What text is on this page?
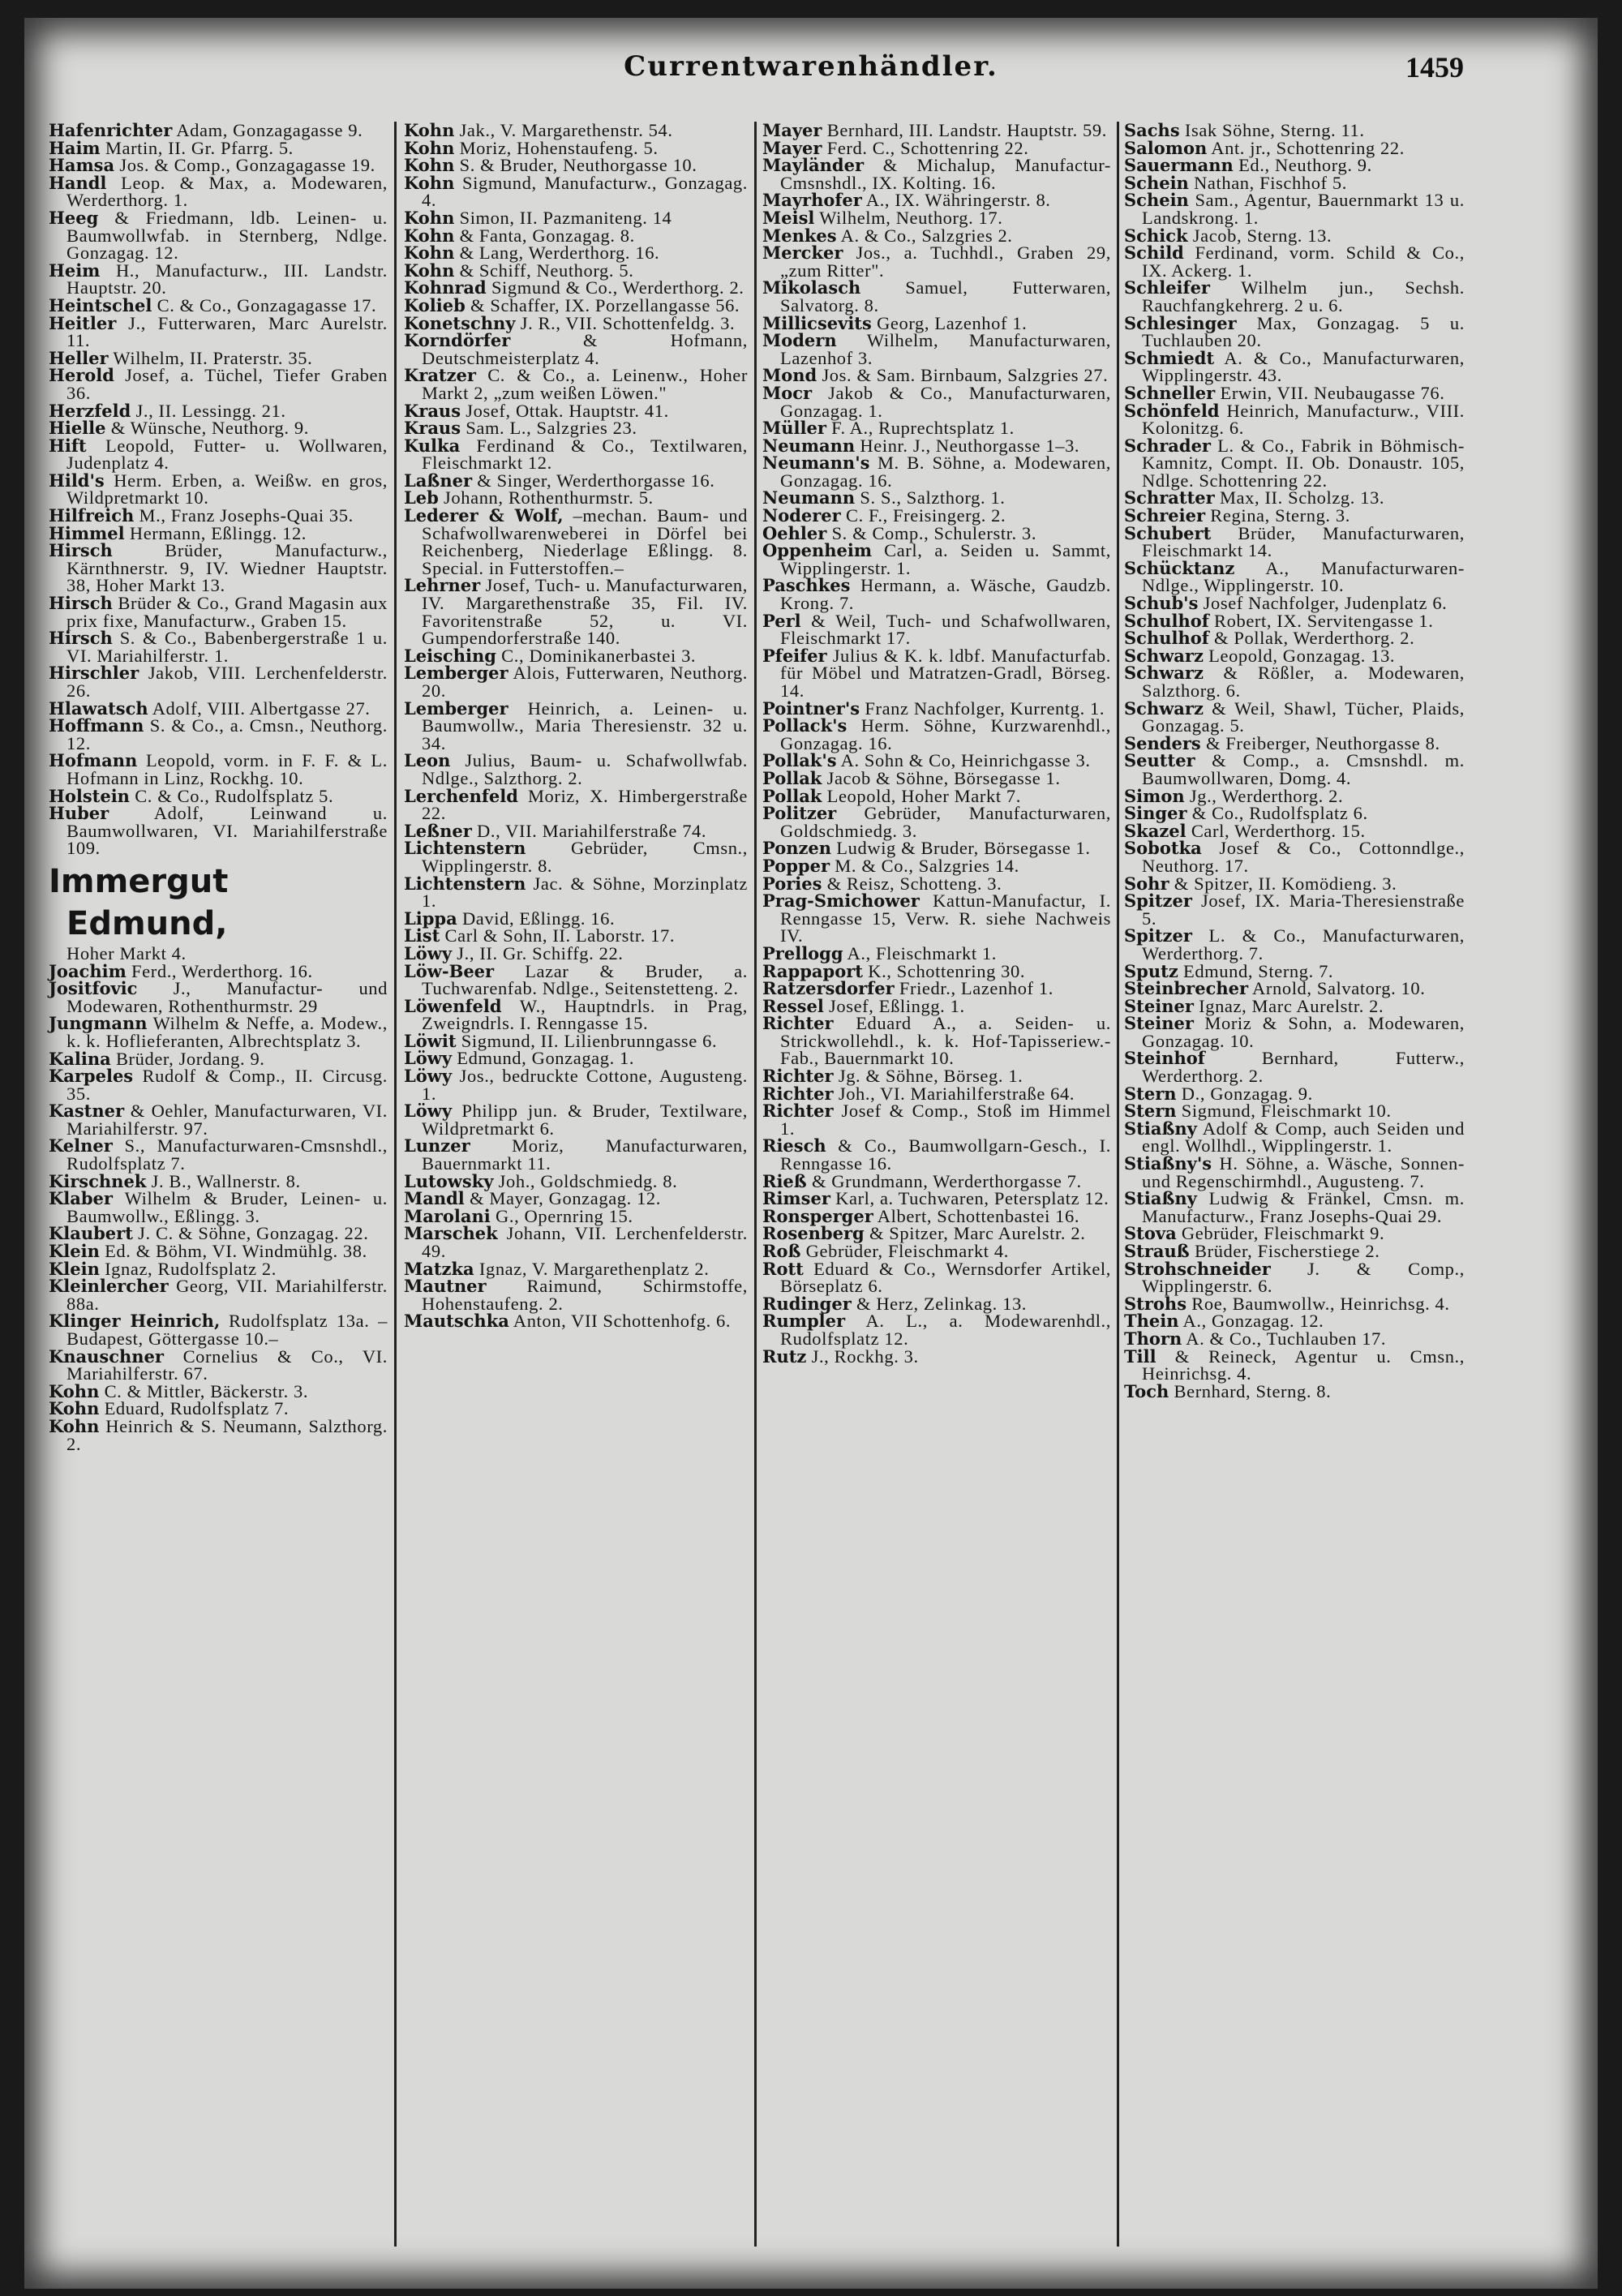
Currentwarenhändler.	1459

Hafenrichter Adam, Gonzagagasse 9.

Haim Martin, II. Gr. Pfarrg. 5.

Hamsa Jos. & Comp., Gonzagagasse 19.

Handl Leop. & Max, a. Modewaren, Werderthorg. 1.

Heeg & Friedmann, ldb. Leinen- u. Baumwollwfab. in Sternberg, Ndlge. Gonzagag. 12.

Heim H., Manufacturw., III. Landstr. Hauptstr. 20.

Heintschel C. & Co., Gonzagagasse 17.

Heitler J., Futterwaren, Marc Aurelstr. 11.

Heller Wilhelm, II. Praterstr. 35.

Herold Josef, a. Tüchel, Tiefer Graben 36.

Herzfeld J., II. Lessingg. 21.

Hielle & Wünsche, Neuthorg. 9.

Hift Leopold, Futter- u. Wollwaren, Judenplatz 4.

Hild's Herm. Erben, a. Weißw. en gros, Wildpretmarkt 10.

Hilfreich M., Franz Josephs-Quai 35.

Himmel Hermann, Eßlingg. 12.

Hirsch	Brüder, Manufacturw., Kärnthnerstr. 9, IV. Wiedner Hauptstr. 38, Hoher Markt 13.

Hirsch Brüder & Co., Grand Magasin aux prix fixe, Manufacturw., Graben 15.

Hirsch S. & Co., Babenbergerstraße 1 u. VI. Mariahilferstr. 1.

Hirschler Jakob, VIII. Lerchenfelderstr. 26.

Hlawatsch Adolf, VIII. Albertgasse 27.

Hoffmann S. & Co., a. Cmsn., Neuthorg. 12.

Hofmann Leopold, vorm. in F. F. & L. Hofmann in Linz, Rockhg. 10.

Holstein C. & Co., Rudolfsplatz 5.

Huber Adolf, Leinwand u. Baumwollwaren, VI. Mariahilferstraße 109.

Immergut Edmund,
Hoher Markt 4.

Joachim Ferd., Werderthorg. 16.

Jositfovic J., Manufactur- und Modewaren, Rothenthurmstr. 29

Jungmann Wilhelm & Neffe, a. Modew., k. k. Hoflieferanten, Albrechtsplatz 3.

Kalina Brüder, Jordang. 9.

Karpeles Rudolf & Comp., II. Circusg. 35.

Kastner & Oehler, Manufacturwaren, VI. Mariahilferstr. 97.

Kelner S., Manufacturwaren-Cmsnshdl., Rudolfsplatz 7.

Kirschnek J. B., Wallnerstr. 8.

Klaber Wilhelm & Bruder, Leinen- u. Baumwollw., Eßlingg. 3.

Klaubert J. C. & Söhne, Gonzagag. 22.

Klein Ed. & Böhm, VI. Windmühlg. 38.

Klein Ignaz, Rudolfsplatz 2.

Kleinlercher Georg, VII. Mariahilferstr. 88a.

Klinger Heinrich, Rudolfsplatz 13a. –Budapest, Göttergasse 10.–

Knauschner Cornelius & Co., VI. Mariahilferstr. 67.

Kohn C. & Mittler, Bäckerstr. 3.

Kohn Eduard, Rudolfsplatz 7.

Kohn Heinrich & S. Neumann, Salzthorg. 2.

Kohn Jak., V. Margarethenstr. 54.

Kohn Moriz, Hohenstaufeng. 5.

Kohn S. & Bruder, Neuthorgasse 10.

Kohn Sigmund, Manufacturw., Gonzagag. 4.

Kohn Simon, II. Pazmaniteng. 14

Kohn & Fanta, Gonzagag. 8.

Kohn & Lang, Werderthorg. 16.

Kohn & Schiff, Neuthorg. 5.

Kohnrad Sigmund & Co., Werderthorg. 2.

Kolieb & Schaffer, IX. Porzellangasse 56.

Konetschny J. R., VII. Schottenfeldg. 3.

Korndörfer	& Hofmann, Deutschmeisterplatz 4.

Kratzer C. & Co., a. Leinenw., Hoher Markt 2, „zum weißen Löwen."

Kraus Josef, Ottak. Hauptstr. 41.

Kraus Sam. L., Salzgries 23.

Kulka Ferdinand & Co., Textilwaren, Fleischmarkt 12.

Laßner & Singer, Werderthorgasse 16.

Leb Johann, Rothenthurmstr. 5.

Lederer & Wolf, –mechan. Baum- und Schafwollwarenweberei in Dörfel bei Reichenberg, Niederlage Eßlingg. 8. Special. in Futterstoffen.–

Lehrner Josef, Tuch- u. Manufacturwaren, IV. Margarethenstraße 35, Fil. IV. Favoritenstraße 52, u. VI. Gumpendorferstraße 140.

Leisching C., Dominikanerbastei 3.

Lemberger Alois, Futterwaren, Neuthorg. 20.

Lemberger Heinrich, a. Leinen- u. Baumwollw., Maria Theresienstr. 32 u. 34.

Leon Julius, Baum- u. Schafwollwfab. Ndlge., Salzthorg. 2.

Lerchenfeld Moriz, X. Himbergerstraße 22.

Leßner D., VII. Mariahilferstraße 74.

Lichtenstern Gebrüder, Cmsn., Wipplingerstr. 8.

Lichtenstern Jac. & Söhne, Morzinplatz 1.

Lippa David, Eßlingg. 16.

List Carl & Sohn, II. Laborstr. 17.

Löwy J., II. Gr. Schiffg. 22.

Löw-Beer Lazar & Bruder, a. Tuchwarenfab. Ndlge., Seitenstetteng. 2.

Löwenfeld W., Hauptndrls. in Prag, Zweigndrls. I. Renngasse 15.

Löwit Sigmund, II. Lilienbrunngasse 6.

Löwy Edmund, Gonzagag. 1.

Löwy Jos., bedruckte Cottone, Augusteng. 1.

Löwy Philipp jun. & Bruder, Textilware, Wildpretmarkt 6.

Lunzer Moriz, Manufacturwaren, Bauernmarkt 11.

Lutowsky Joh., Goldschmiedg. 8.

Mandl & Mayer, Gonzagag. 12.

Marolani G., Opernring 15.

Marschek Johann, VII. Lerchenfelderstr. 49.

Matzka Ignaz, V. Margarethenplatz 2.

Mautner Raimund, Schirmstoffe, Hohenstaufeng. 2.

Mautschka Anton, VII Schottenhofg. 6.

Mayer Bernhard, III. Landstr. Hauptstr. 59.

Mayer Ferd. C., Schottenring 22.

Mayländer & Michalup, Manufactur-Cmsnshdl., IX. Kolting. 16.

Mayrhofer A., IX. Währingerstr. 8.

Meisl Wilhelm, Neuthorg. 17.

Menkes A. & Co., Salzgries 2.

Mercker Jos., a. Tuchhdl., Graben 29, „zum Ritter".

Mikolasch Samuel, Futterwaren, Salvatorg. 8.

Millicsevits Georg, Lazenhof 1.

Modern Wilhelm, Manufacturwaren, Lazenhof 3.

Mond Jos. & Sam. Birnbaum, Salzgries 27.

Mocr Jakob & Co., Manufacturwaren, Gonzagag. 1.

Müller F. A., Ruprechtsplatz 1.

Neumann Heinr. J., Neuthorgasse 1–3.

Neumann's M. B. Söhne, a. Modewaren, Gonzagag. 16.

Neumann S. S., Salzthorg. 1.

Noderer C. F., Freisingerg. 2.

Oehler S. & Comp., Schulerstr. 3.

Oppenheim Carl, a. Seiden u. Sammt, Wipplingerstr. 1.

Paschkes Hermann, a. Wäsche, Gaudzb. Krong. 7.

Perl & Weil, Tuch- und Schafwollwaren, Fleischmarkt 17.

Pfeifer Julius & K. k. ldbf. Manufacturfab. für Möbel und Matratzen-Gradl, Börseg. 14.

Pointner's Franz Nachfolger, Kurrentg. 1.

Pollack's Herm. Söhne, Kurzwarenhdl., Gonzagag. 16.

Pollak's A. Sohn & Co, Heinrichgasse 3.

Pollak Jacob & Söhne, Börsegasse 1.

Pollak Leopold, Hoher Markt 7.

Politzer Gebrüder, Manufacturwaren, Goldschmiedg. 3.

Ponzen Ludwig & Bruder, Börsegasse 1.

Popper M. & Co., Salzgries 14.

Pories & Reisz, Schotteng. 3.

Prag-Smichower Kattun-Manufactur, I. Renngasse 15, Verw. R. siehe Nachweis IV.

Prellogg A., Fleischmarkt 1.

Rappaport K., Schottenring 30.

Ratzersdorfer Friedr., Lazenhof 1.

Ressel Josef, Eßlingg. 1.

Richter Eduard A., a. Seiden- u. Strickwollehdl., k. k. Hof-Tapisseriew.-Fab., Bauernmarkt 10.

Richter Jg. & Söhne, Börseg. 1.

Richter Joh., VI. Mariahilferstraße 64.

Richter Josef & Comp., Stoß im Himmel 1.

Riesch & Co., Baumwollgarn-Gesch., I. Renngasse 16.

Rieß & Grundmann, Werderthorgasse 7.

Rimser Karl, a. Tuchwaren, Petersplatz 12.

Ronsperger Albert, Schottenbastei 16.

Rosenberg & Spitzer, Marc Aurelstr. 2.

Roß Gebrüder, Fleischmarkt 4.

Rott Eduard & Co., Wernsdorfer Artikel, Börseplatz 6.

Rudinger & Herz, Zelinkag. 13.

Rumpler A. L., a. Modewarenhdl., Rudolfsplatz 12.

Rutz J., Rockhg. 3.

Sachs Isak Söhne, Sterng. 11.

Salomon Ant. jr., Schottenring 22.

Sauermann Ed., Neuthorg. 9.

Schein Nathan, Fischhof 5.

Schein Sam., Agentur, Bauernmarkt 13 u. Landskrong. 1.

Schick Jacob, Sterng. 13.

Schild Ferdinand, vorm. Schild & Co., IX. Ackerg. 1.

Schleifer Wilhelm jun., Sechsh. Rauchfangkehrerg. 2 u. 6.

Schlesinger Max, Gonzagag. 5 u. Tuchlauben 20.

Schmiedt A. & Co., Manufacturwaren, Wipplingerstr. 43.

Schneller Erwin, VII. Neubaugasse 76.

Schönfeld Heinrich, Manufacturw., VIII. Kolonitzg. 6.

Schrader L. & Co., Fabrik in Böhmisch-Kamnitz, Compt. II. Ob. Donaustr. 105, Ndlge. Schottenring 22.

Schratter Max, II. Scholzg. 13.

Schreier Regina, Sterng. 3.

Schubert Brüder, Manufacturwaren, Fleischmarkt 14.

Schücktanz A., Manufacturwaren-Ndlge., Wipplingerstr. 10.

Schub's Josef Nachfolger, Judenplatz 6.

Schulhof Robert, IX. Servitengasse 1.

Schulhof & Pollak, Werderthorg. 2.

Schwarz Leopold, Gonzagag. 13.

Schwarz & Rößler, a. Modewaren, Salzthorg. 6.

Schwarz & Weil, Shawl, Tücher, Plaids, Gonzagag. 5.

Senders & Freiberger, Neuthorgasse 8.

Seutter & Comp., a. Cmsnshdl. m. Baumwollwaren, Domg. 4.

Simon Jg., Werderthorg. 2.

Singer & Co., Rudolfsplatz 6.

Skazel Carl, Werderthorg. 15.

Sobotka Josef & Co., Cottonndlge., Neuthorg. 17.

Sohr & Spitzer, II. Komödieng. 3.

Spitzer Josef, IX. Maria-Theresienstraße 5.

Spitzer L. & Co., Manufacturwaren, Werderthorg. 7.

Sputz Edmund, Sterng. 7.

Steinbrecher Arnold, Salvatorg. 10.

Steiner Ignaz, Marc Aurelstr. 2.

Steiner Moriz & Sohn, a. Modewaren, Gonzagag. 10.

Steinhof	Bernhard, Futterw., Werderthorg. 2.

Stern D., Gonzagag. 9.

Stern Sigmund, Fleischmarkt 10.

Stiaßny Adolf & Comp, auch Seiden und engl. Wollhdl., Wipplingerstr. 1.

Stiaßny's H. Söhne, a. Wäsche, Sonnen- und Regenschirmhdl., Augusteng. 7.

Stiaßny Ludwig & Fränkel, Cmsn. m. Manufacturw., Franz Josephs-Quai 29.

Stova Gebrüder, Fleischmarkt 9.

Strauß Brüder, Fischerstiege 2.

Strohschneider J. & Comp., Wipplingerstr. 6.

Strohs Roe, Baumwollw., Heinrichsg. 4.

Thein A., Gonzagag. 12.

Thorn A. & Co., Tuchlauben 17.

Till & Reineck, Agentur u. Cmsn., Heinrichsg. 4.

Toch Bernhard, Sterng. 8.
